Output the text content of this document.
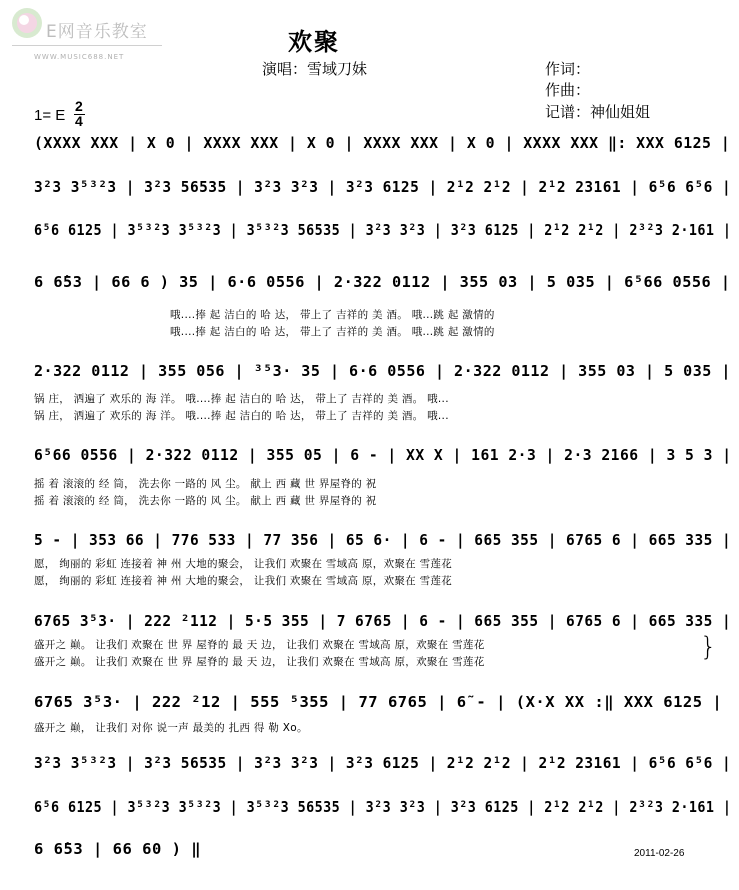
E网音乐教室
WWW.MUSIC688.NET
欢聚
演唱：雪域刀妹	作词：
作曲：
记谱：神仙姐姐
1= E
2
4
(XXXX XXX | X 0 | XXXX XXX | X 0 | XXXX XXX | X 0 | XXXX XXX ‖: XXX 6125 |
3²3 3⁵³²3 | 3²3 56535 | 3²3 3²3 | 3²3 6125 | 2¹2 2¹2 | 2¹2 23161 | 6⁵6 6⁵6 |
6⁵6 6125 | 3⁵³²3 3⁵³²3 | 3⁵³²3 56535 | 3²3 3²3 | 3²3 6125 | 2¹2 2¹2 | 2³²3 2·161 |
6 6̇53 | 66 6 ) 35 | 6·6 0556 | 2·322 0112 | 355 03 | 5 035 | 6⁵66 0556 |
哦....捧 起 洁白的 哈 达， 带上了 吉祥的 美 酒。 哦...跳 起 激情的
哦....捧 起 洁白的 哈 达， 带上了 吉祥的 美 酒。 哦...跳 起 激情的
2·322 0112 | 355 056 | ³⁵3· 35 | 6·6 0556 | 2·322 0112 | 355 03 | 5 035 |
锅 庄， 洒遍了 欢乐的 海 洋。 哦....捧 起 洁白的 哈 达， 带上了 吉祥的 美 酒。 哦...
锅 庄， 洒遍了 欢乐的 海 洋。 哦....捧 起 洁白的 哈 达， 带上了 吉祥的 美 酒。 哦...
6⁵66 0556 | 2·322 0112 | 355 05 | 6 - | XX X | 161 2·3 | 2·3 2166 | 3 5 3 |
摇 着 滚滚的 经 筒， 洗去你 一路的 风 尘。 献上 西 藏 世 界屋脊的 祝
摇 着 滚滚的 经 筒， 洗去你 一路的 风 尘。 献上 西 藏 世 界屋脊的 祝
5 - | 353 66 | 776 533 | 77 356 | 65 6· | 6 - | 665 355 | 6765 6 | 665 335 |
愿， 绚丽的 彩虹 连接着 神 州 大地的聚会， 让我们 欢聚在 雪域高 原，欢聚在 雪莲花
愿， 绚丽的 彩虹 连接着 神 州 大地的聚会， 让我们 欢聚在 雪域高 原，欢聚在 雪莲花
6765 3⁵3· | 222 ²112 | 5·5 355 | 7 6765 | 6 - | 665 355 | 6765 6 | 665 335 |
盛开之 巅。 让我们 欢聚在 世 界 屋脊的 最 天 边， 让我们 欢聚在 雪域高 原，欢聚在 雪莲花
盛开之 巅。 让我们 欢聚在 世 界 屋脊的 最 天 边， 让我们 欢聚在 雪域高 原，欢聚在 雪莲花	}
6765 3⁵3· | 222 ²12 | 555 ⁵355 | 77 6765 | 6̃ - | (X·X XX :‖ XXX 6125 |
盛开之 巅， 让我们 对你 说一声 最美的 扎西 得 勒 Xo。
3²3 3⁵³²3 | 3²3 56535 | 3²3 3²3 | 3²3 6125 | 2¹2 2¹2 | 2¹2 23161 | 6⁵6 6⁵6 |
6⁵6 6125 | 3⁵³²3 3⁵³²3 | 3⁵³²3 56535 | 3²3 3²3 | 3²3 6125 | 2¹2 2¹2 | 2³²3 2·161 |
6 6̇53 | 66 60 ) ‖	2011-02-26
